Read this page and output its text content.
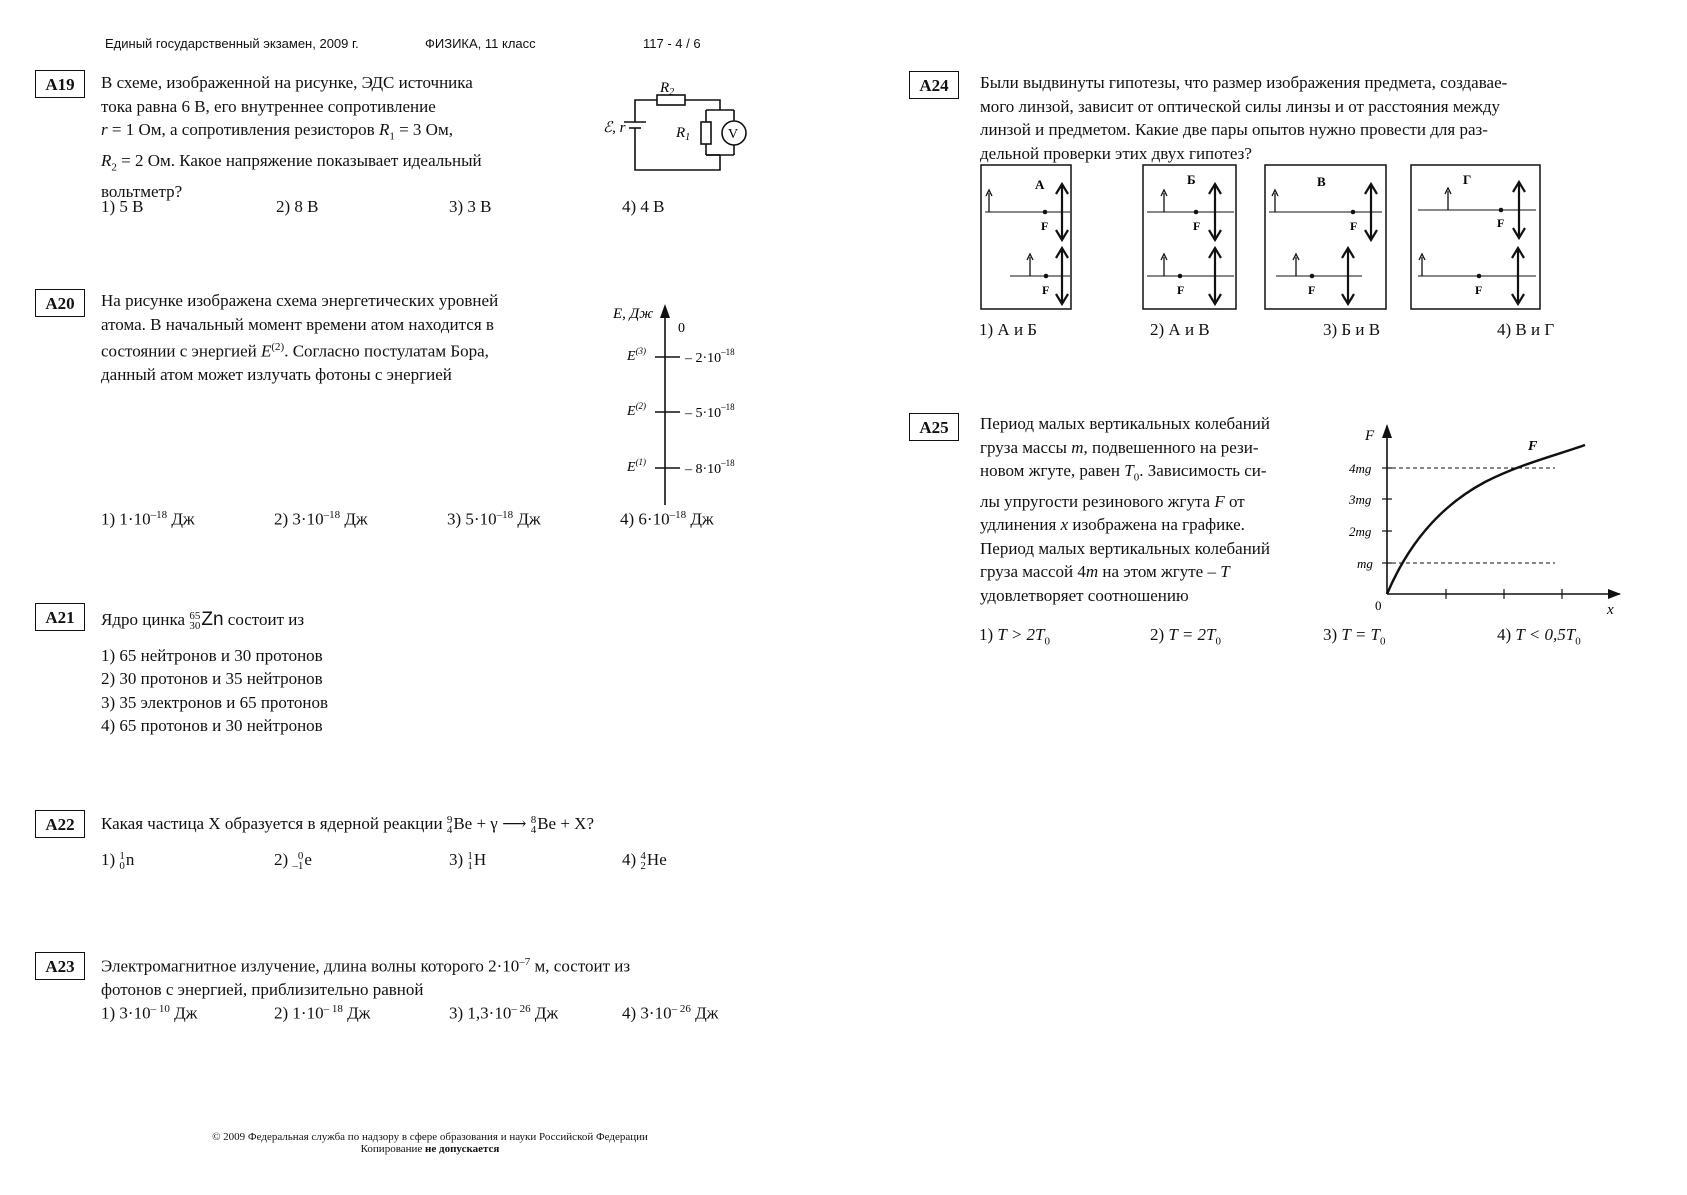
Единый государственный экзамен, 2009 г.	ФИЗИКА, 11 класс	117 - 4 / 6
А19	В схеме, изображенной на рисунке, ЭДС источника
тока равна 6 В, его внутреннее сопротивление
r = 1 Ом, а сопротивления резисторов $R_1 = 3$ Ом,
$R_2 = 2$ Ом. Какое напряжение показывает идеальный
вольтметр?
$R_2$
$R_1$
ℰ, r	V
1) 5 В	2) 8 В	3) 3 В	4) 4 В
А20	На рисунке изображена схема энергетических уровней
атома. В начальный момент времени атом находится в
состоянии с энергией $E^{(2)}$. Согласно постулатам Бора,
данный атом может излучать фотоны с энергией
E, Дж
0
$E^{(3)}$
$E^{(2)}$
$E^{(1)}$
– $2\cdot 10^{-18}$
– $5\cdot 10^{-18}$
– $8\cdot 10^{-18}$
1) $1\cdot 10^{-18}$ Дж	2) $3\cdot 10^{-18}$ Дж	3) $5\cdot 10^{-18}$ Дж	4) $6\cdot 10^{-18}$ Дж
А21	Ядро цинка 65
30Zn состоит из
1) 65 нейтронов и 30 протонов
2) 30 протонов и 35 нейтронов
3) 35 электронов и 65 протонов
4) 65 протонов и 30 нейтронов
А22	Какая частица X образуется в ядерной реакции 9
4Be + γ ⟶ 8
4Be + X?
1) 1
0n	2) 0
–1e	3) 1
1H	4) 4
2He
А23	Электромагнитное излучение, длина волны которого $2\cdot 10^{-7}$ м, состоит из
фотонов с энергией, приблизительно равной
1) $3\cdot 10^{- 10}$ Дж	2) $1\cdot 10^{- 18}$ Дж	3) $1,3\cdot 10^{- 26}$ Дж	4) $3\cdot 10^{- 26}$ Дж
А24	Были выдвинуты гипотезы, что размер изображения предмета, создавае-
мого линзой, зависит от оптической силы линзы и от расстояния между
линзой и предметом. Какие две пары опытов нужно провести для раз-
дельной проверки этих двух гипотез?
А
F
F
Б
F
F
В
F
F
Г
F
F
1) А и Б	2) А и В	3) Б и В	4) В и Г
А25	Период малых вертикальных колебаний
груза массы m, подвешенного на рези-
новом жгуте, равен $T_0$. Зависимость си-
лы упругости резинового жгута F от
удлинения x изображена на графике.
Период малых вертикальных колебаний
груза массой 4m на этом жгуте – T
удовлетворяет соотношению
F
x
0
F
4mg
3mg
2mg
mg
1) $T > 2T_0$	2) $T = 2T_0$	3) $T = T_0$	4) $T < 0,5T_0$
© 2009 Федеральная служба по надзору в сфере образования и науки Российской Федерации
Копирование не допускается
